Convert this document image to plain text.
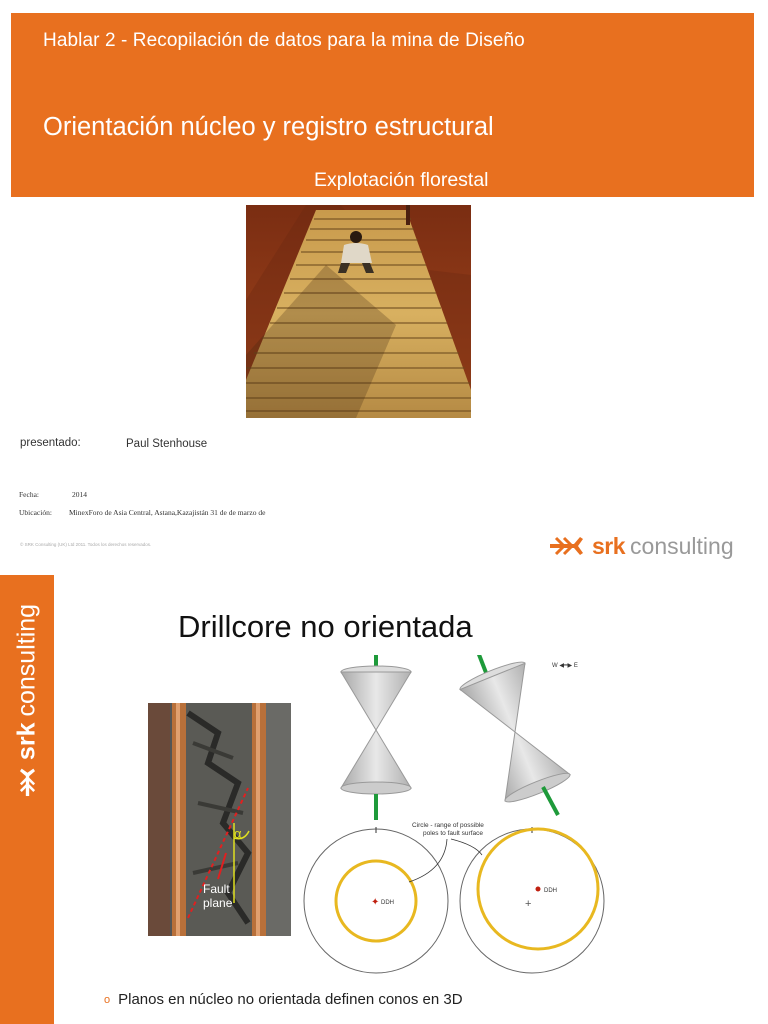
Hablar 2 - Recopilación de datos para la mina de Diseño
Orientación núcleo y registro estructural
Explotación florestal
presentado:	Paul Stenhouse
Fecha:	2014
Ubicación: MinexForo de Asia Central, Astana,Kazajistán 31 de de marzo de
© SRK Consulting (UK) Ltd 2011. Todos los derechos reservados.	srk consulting
srk
consulting	Drillcore no orientada
α
Fault
plane
W ◀━▶ E
✦ DDH
DDH
+
Circle - range of possible
poles to fault surface
o Planos en núcleo no orientada definen conos en 3D
